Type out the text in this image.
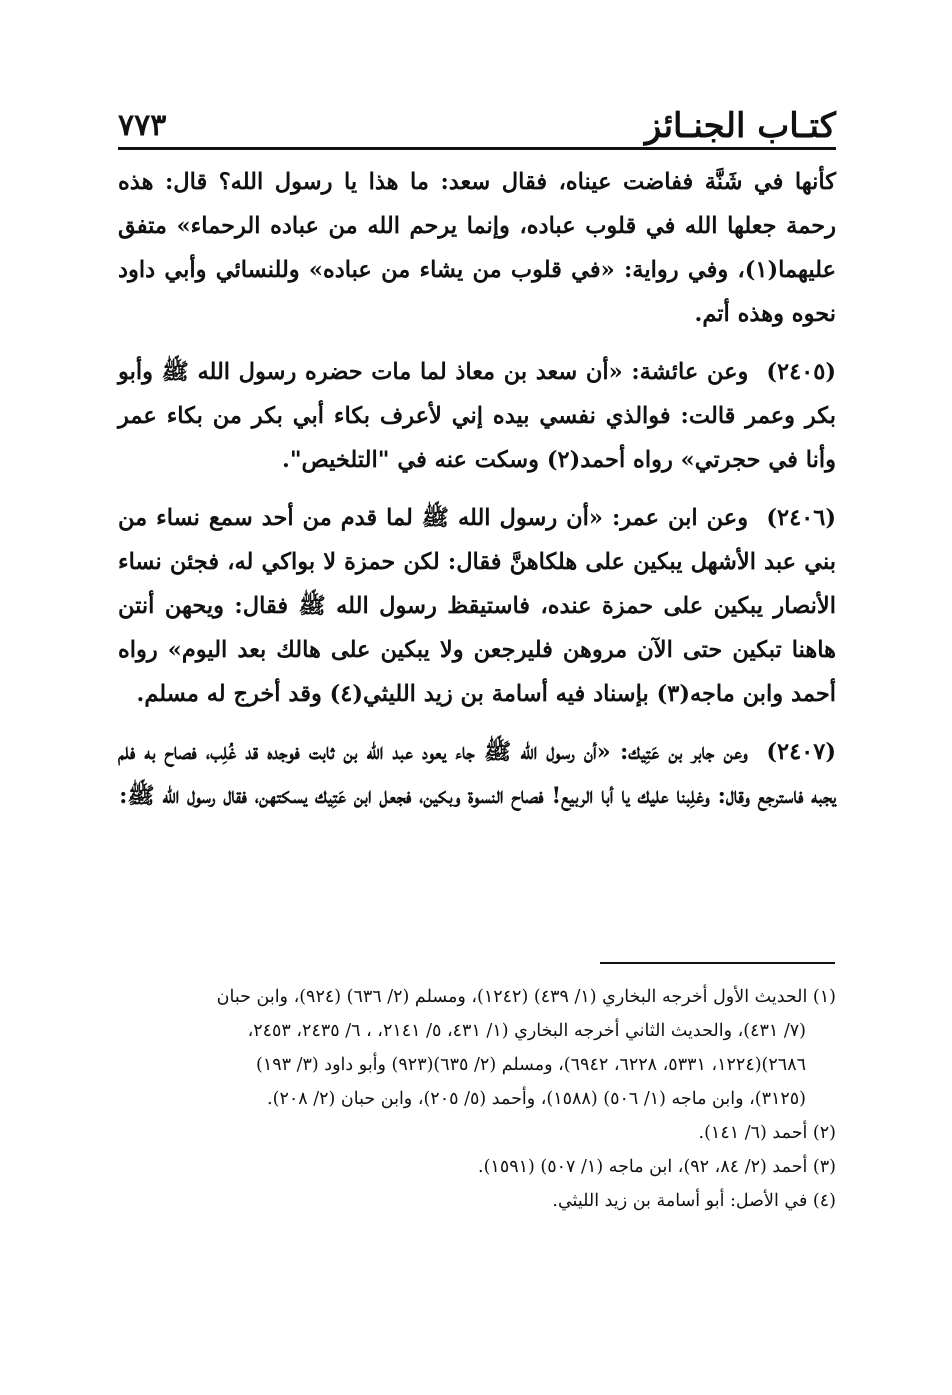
كتـاب الجنـائز
٧٧٣

كأنها في شَنَّة ففاضت عيناه، فقال سعد: ما هذا يا رسول الله؟ قال: هذه رحمة جعلها الله في قلوب عباده، وإنما يرحم الله من عباده الرحماء» متفق عليهما(١)، وفي رواية: «في قلوب من يشاء من عباده» وللنسائي وأبي داود نحوه وهذه أتم.

(٢٤٠٥) وعن عائشة: «أن سعد بن معاذ لما مات حضره رسول الله ﷺ وأبو بكر وعمر قالت: فوالذي نفسي بيده إني لأعرف بكاء أبي بكر من بكاء عمر وأنا في حجرتي» رواه أحمد(٢) وسكت عنه في "التلخيص".

(٢٤٠٦) وعن ابن عمر: «أن رسول الله ﷺ لما قدم من أحد سمع نساء من بني عبد الأشهل يبكين على هلكاهنَّ فقال: لكن حمزة لا بواكي له، فجئن نساء الأنصار يبكين على حمزة عنده، فاستيقظ رسول الله ﷺ فقال: ويحهن أنتن هاهنا تبكين حتى الآن مروهن فليرجعن ولا يبكين على هالك بعد اليوم» رواه أحمد وابن ماجه(٣) بإسناد فيه أسامة بن زيد الليثي(٤) وقد أخرج له مسلم.

(٢٤٠٧) وعن جابر بن عَتِيك: «أن رسول الله ﷺ جاء يعود عبد الله بن ثابت فوجده قد غُلِب، فصاح به فلم يجبه فاسترجع وقال: وغلِبنا عليك يا أبا الربيع! فصاح النسوة وبكين، فجعل ابن عَتِيك يسكتهن، فقال رسول الله ﷺ:

(١) الحديث الأول أخرجه البخاري (١/ ٤٣٩) (١٢٤٢)، ومسلم (٢/ ٦٣٦) (٩٢٤)، وابن حبان

(٧/ ٤٣١)، والحديث الثاني أخرجه البخاري (١/ ٤٣١، ٥/ ٢١٤١، ، ٦/ ٢٤٣٥، ٢٤٥٣،

٢٦٨٦)(١٢٢٤، ٥٣٣١، ٦٢٢٨، ٦٩٤٢)، ومسلم (٢/ ٦٣٥)(٩٢٣) وأبو داود (٣/ ١٩٣)

(٣١٢٥)، وابن ماجه (١/ ٥٠٦) (١٥٨٨)، وأحمد (٥/ ٢٠٥)، وابن حبان (٢/ ٢٠٨).

(٢) أحمد (٦/ ١٤١).

(٣) أحمد (٢/ ٨٤، ٩٢)، ابن ماجه (١/ ٥٠٧) (١٥٩١).

(٤) في الأصل: أبو أسامة بن زيد الليثي.
